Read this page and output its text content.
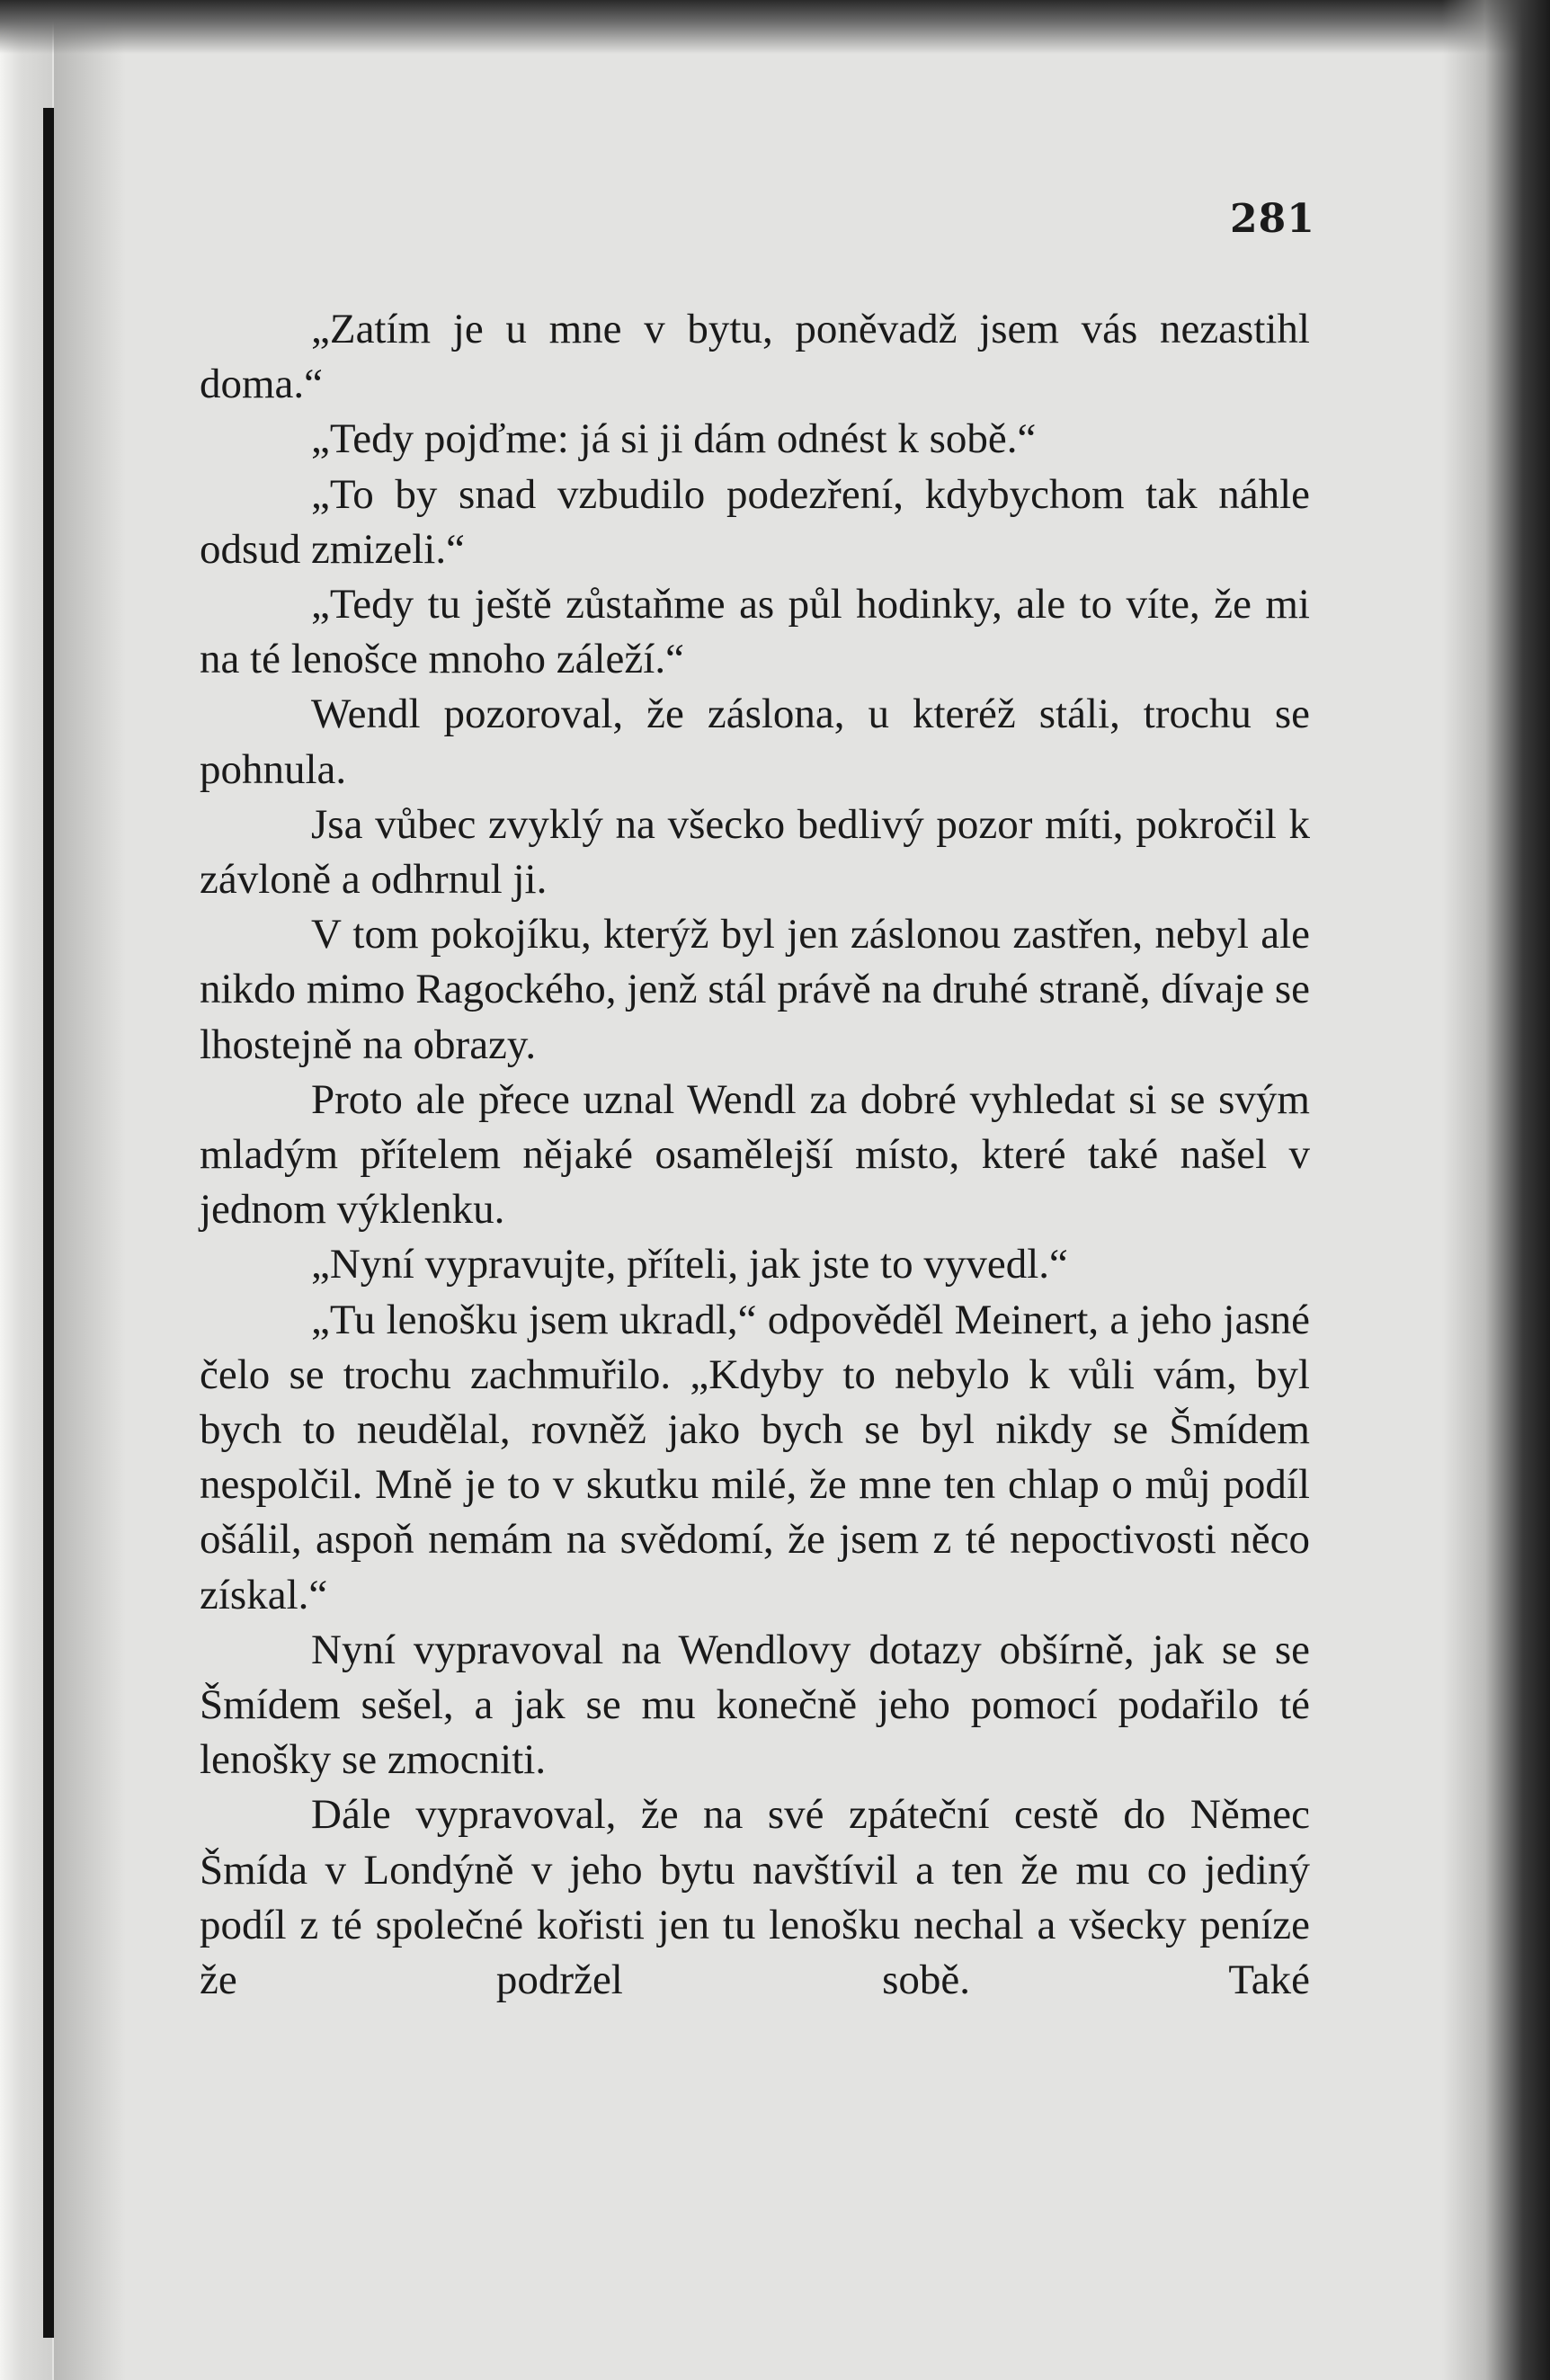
281

„Zatím je u mne v bytu, poněvadž jsem vás nezastihl doma.“

„Tedy pojďme: já si ji dám odnést k sobě.“

„To by snad vzbudilo podezření, kdybychom tak náhle odsud zmizeli.“

„Tedy tu ještě zůstaňme as půl hodinky, ale to víte, že mi na té lenošce mnoho záleží.“

Wendl pozoroval, že záslona, u kteréž stáli, trochu se pohnula.

Jsa vůbec zvyklý na všecko bedlivý pozor míti, pokročil k závloně a odhrnul ji.

V tom pokojíku, kterýž byl jen záslonou zastřen, nebyl ale nikdo mimo Ragockého, jenž stál právě na druhé straně, dívaje se lhostejně na obrazy.

Proto ale přece uznal Wendl za dobré vyhledat si se svým mladým přítelem nějaké osamělejší místo, které také našel v jednom výklenku.

„Nyní vypravujte, příteli, jak jste to vyvedl.“

„Tu lenošku jsem ukradl,“ odpověděl Meinert, a jeho jasné čelo se trochu zachmuřilo. „Kdyby to nebylo k vůli vám, byl bych to neudělal, rovněž jako bych se byl nikdy se Šmídem nespolčil. Mně je to v skutku milé, že mne ten chlap o můj podíl ošálil, aspoň nemám na svědomí, že jsem z té nepoctivosti něco získal.“

Nyní vypravoval na Wendlovy dotazy obšírně, jak se se Šmídem sešel, a jak se mu konečně jeho pomocí podařilo té lenošky se zmocniti.

Dále vypravoval, že na své zpáteční cestě do Němec Šmída v Londýně v jeho bytu navštívil a ten že mu co jediný podíl z té společné kořisti jen tu lenošku nechal a všecky peníze že podržel sobě. Také
